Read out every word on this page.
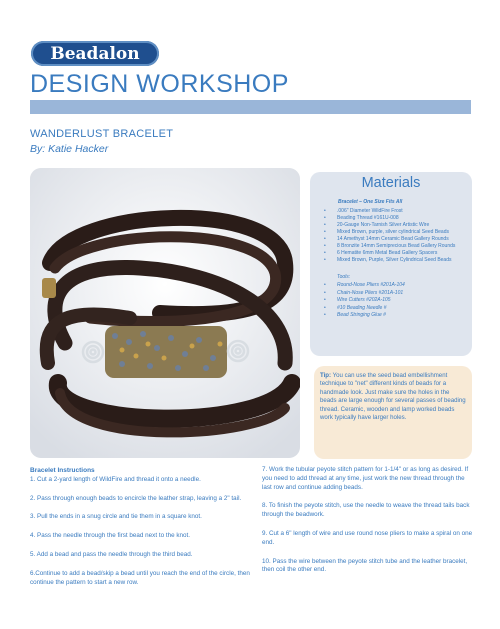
Beadalon
DESIGN WORKSHOP
WANDERLUST BRACELET
By: Katie Hacker
Materials
Bracelet – One Size Fits All
• .006" Diameter WildFire Frost
• Beading Thread #161U-008
• 20-Gauge Non-Tarnish Silver Artistic Wire
• Mixed Brown, purple, silver cylindrical Seed Beads
• 14 Amethyst 14mm Ceramic Bead Gallery Rounds
• 8 Bronzite 14mm Semiprecious Bead Gallery Rounds
• 6 Hematite 6mm Metal Bead Gallery Spacers
• Mixed Brown, Purple, Silver Cylindrical Seed Beads
Tools:
• Round-Nose Pliers #201A-104
• Chain-Nose Pliers #201A-101
• Wire Cutters #202A-105
• #10 Beading Needle #
• Bead Stringing Glue #
Tip: You can use the seed bead embellishment technique to "net" different kinds of beads for a handmade look. Just make sure the holes in the beads are large enough for several passes of beading thread. Ceramic, wooden and lamp worked beads work typically have larger holes.
Bracelet Instructions

1. Cut a 2-yard length of WildFire and thread it onto a needle.

2. Pass through enough beads to encircle the leather strap, leaving a 2" tail.

3. Pull the ends in a snug circle and tie them in a square knot.

4. Pass the needle through the first bead next to the knot.

5. Add a bead and pass the needle through the third bead.

6.Continue to add a bead/skip a bead until you reach the end of the circle, then continue the pattern to start a new row.

7. Work the tubular peyote stitch pattern for 1-1/4" or as long as desired. If you need to add thread at any time, just work the new thread through the last row and continue adding beads.

8. To finish the peyote stitch, use the needle to weave the thread tails back through the beadwork.

9. Cut a 6" length of wire and use round nose pliers to make a spiral on one end.

10. Pass the wire between the peyote stitch tube and the leather bracelet, then coil the other end.
